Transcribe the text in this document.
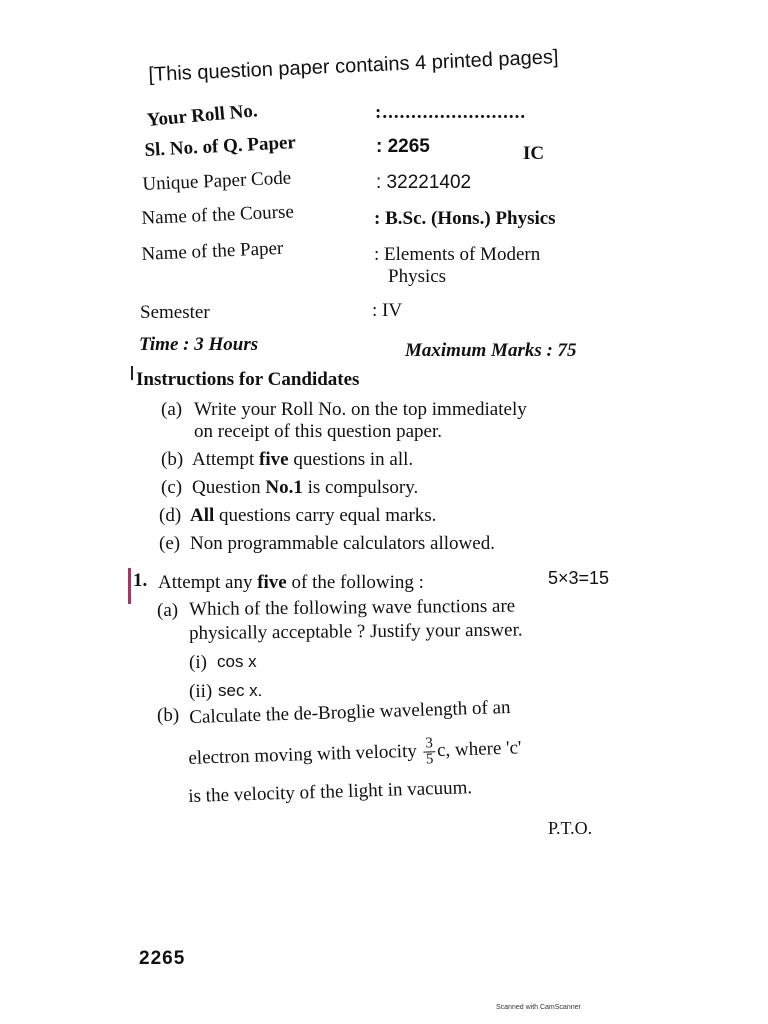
[This question paper contains 4 printed pages]
Your Roll No.	:.........................
Sl. No. of Q. Paper	: 2265	IC
Unique Paper Code	: 32221402
Name of the Course	: B.Sc. (Hons.) Physics
Name of the Paper	: Elements of Modern
Physics
Semester	: IV
Time : 3 Hours	Maximum Marks : 75
Instructions for Candidates
(a) Write your Roll No. on the top immediately
on receipt of this question paper.
(b) Attempt five questions in all.
(c) Question No.1 is compulsory.
(d) All questions carry equal marks.
(e) Non programmable calculators allowed.
1. Attempt any five of the following :	5×3=15
(a) Which of the following wave functions are
physically acceptable ? Justify your answer.
(i) cos x
(ii) sec x.
(b) Calculate the de-Broglie wavelength of an
electron moving with velocity $\frac{3}{5} c$, where 'c'
is the velocity of the light in vacuum.
P.T.O.
2265
Scanned with CamScanner
